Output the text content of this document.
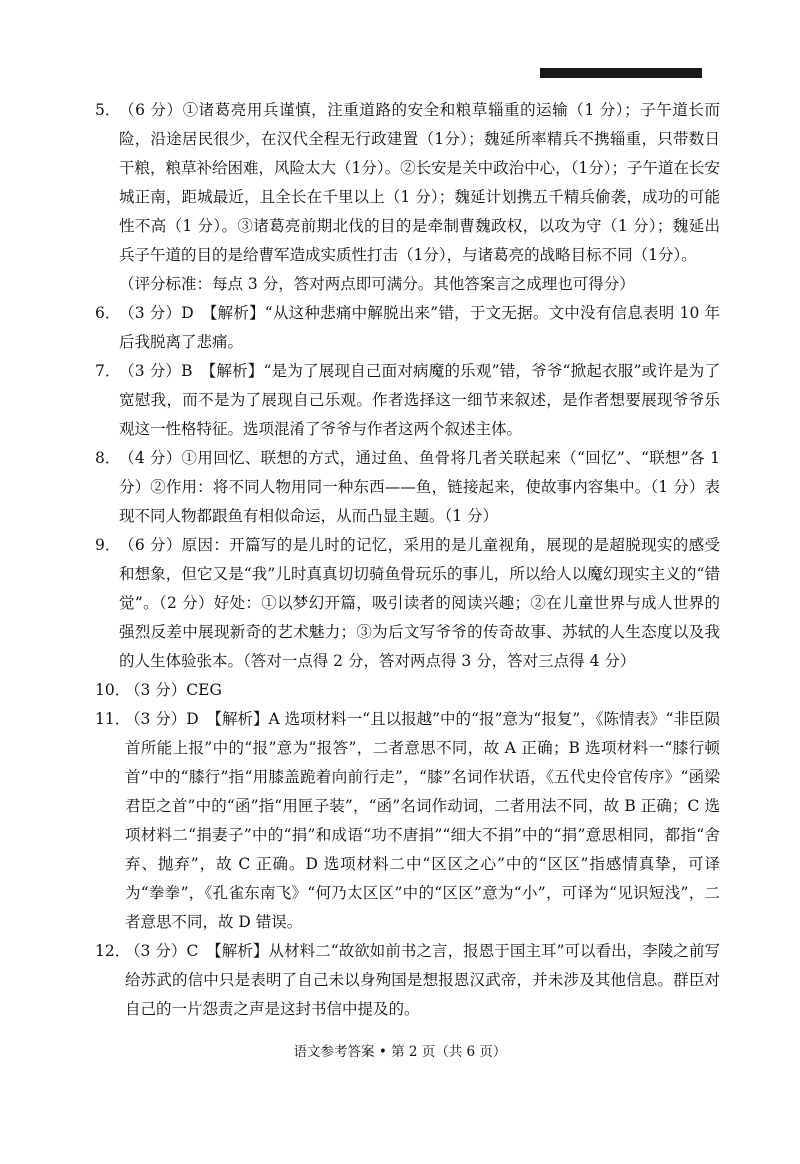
5．
（6 分）①诸葛亮用兵谨慎，注重道路的安全和粮草辎重的运输（1 分）；子午道长而险，沿途居民很少，在汉代全程无行政建置（1分）；魏延所率精兵不携辎重，只带数日干粮，粮草补给困难，风险太大（1分）。②长安是关中政治中心，（1分）；子午道在长安城正南，距城最近，且全长在千里以上（1 分）；魏延计划携五千精兵偷袭，成功的可能性不高（1 分）。③诸葛亮前期北伐的目的是牵制曹魏政权，以攻为守（1 分）；魏延出兵子午道的目的是给曹军造成实质性打击（1分），与诸葛亮的战略目标不同（1分）。

（评分标准：每点 3 分，答对两点即可满分。其他答案言之成理也可得分）

6．
（3 分）D　【解析】“从这种悲痛中解脱出来”错，于文无据。文中没有信息表明 10 年后我脱离了悲痛。

7．
（3 分）B　【解析】“是为了展现自己面对病魔的乐观”错，爷爷“掀起衣服”或许是为了宽慰我，而不是为了展现自己乐观。作者选择这一细节来叙述，是作者想要展现爷爷乐观这一性格特征。选项混淆了爷爷与作者这两个叙述主体。

8．
（4 分）①用回忆、联想的方式，通过鱼、鱼骨将几者关联起来（“回忆”、“联想”各 1 分）②作用：将不同人物用同一种东西——鱼，链接起来，使故事内容集中。（1 分）表现不同人物都跟鱼有相似命运，从而凸显主题。（1 分）

9．
（6 分）原因：开篇写的是儿时的记忆，采用的是儿童视角，展现的是超脱现实的感受和想象，但它又是“我”儿时真真切切骑鱼骨玩乐的事儿，所以给人以魔幻现实主义的“错觉”。（2 分）好处：①以梦幻开篇，吸引读者的阅读兴趣；②在儿童世界与成人世界的强烈反差中展现新奇的艺术魅力；③为后文写爷爷的传奇故事、苏轼的人生态度以及我的人生体验张本。（答对一点得 2 分，答对两点得 3 分，答对三点得 4 分）

10．
（3 分）CEG

11．
（3 分）D　【解析】A 选项材料一“且以报越”中的“报”意为“报复”，《陈情表》“非臣陨首所能上报”中的“报”意为“报答”，二者意思不同，故 A 正确；B 选项材料一“膝行顿首”中的“膝行”指“用膝盖跪着向前行走”，“膝”名词作状语，《五代史伶官传序》“函梁君臣之首”中的“函”指“用匣子装”，“函”名词作动词，二者用法不同，故 B 正确；C 选项材料二“捐妻子”中的“捐”和成语“功不唐捐”“细大不捐”中的“捐”意思相同，都指“舍弃、抛弃”，故 C 正确。D 选项材料二中“区区之心”中的“区区”指感情真挚，可译为“拳拳”，《孔雀东南飞》“何乃太区区”中的“区区”意为“小”，可译为“见识短浅”，二者意思不同，故 D 错误。

12．
（3 分）C　【解析】从材料二“故欲如前书之言，报恩于国主耳”可以看出，李陵之前写给苏武的信中只是表明了自己未以身殉国是想报恩汉武帝，并未涉及其他信息。群臣对自己的一片怨责之声是这封书信中提及的。

语文参考答案 • 第 2 页（共 6 页）
